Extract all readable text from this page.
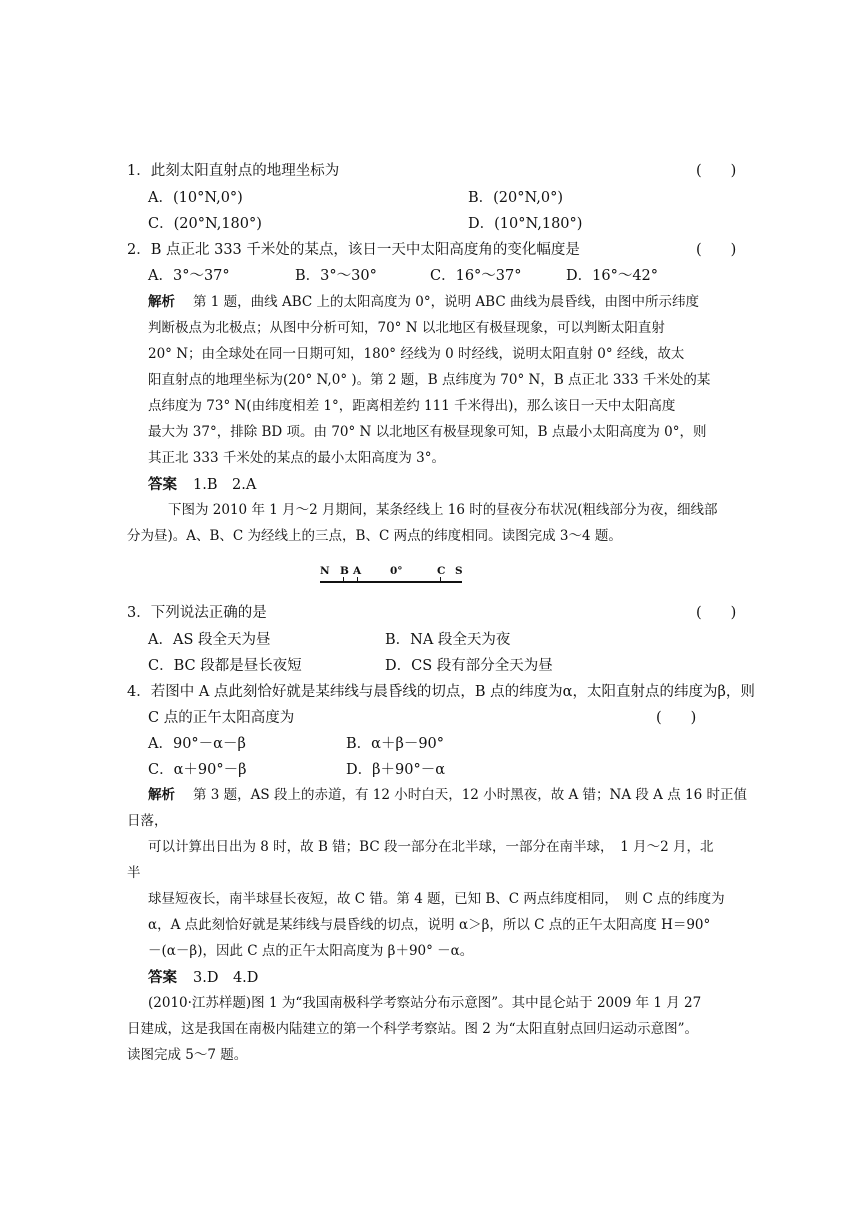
1．此刻太阳直射点的地理坐标为	(　　)
A．(10°N,0°)	B．(20°N,0°)
C．(20°N,180°)	D．(10°N,180°)
2．B 点正北 333 千米处的某点，该日一天中太阳高度角的变化幅度是	(　　)
A．3°～37°	B．3°～30°	C．16°～37°	D．16°～42°
解析 第 1 题，曲线 ABC 上的太阳高度为 0°，说明 ABC 曲线为晨昏线，由图中所示纬度
判断极点为北极点；从图中分析可知，70° N 以北地区有极昼现象，可以判断太阳直射
20° N；由全球处在同一日期可知，180° 经线为 0 时经线，说明太阳直射 0° 经线，故太
阳直射点的地理坐标为(20° N,0° )。第 2 题，B 点纬度为 70° N，B 点正北 333 千米处的某
点纬度为 73° N(由纬度相差 1°，距离相差约 111 千米得出)，那么该日一天中太阳高度
最大为 37°，排除 BD 项。由 70° N 以北地区有极昼现象可知，B 点最小太阳高度为 0°，则
其正北 333 千米处的某点的最小太阳高度为 3°。
答案 1.B　2.A
下图为 2010 年 1 月～2 月期间，某条经线上 16 时的昼夜分布状况(粗线部分为夜，细线部
分为昼)。A、B、C 为经线上的三点，B、C 两点的纬度相同。读图完成 3～4 题。
N B A	0°	C S
3．下列说法正确的是	(　　)
A．AS 段全天为昼	B．NA 段全天为夜
C．BC 段都是昼长夜短	D．CS 段有部分全天为昼
4．若图中 A 点此刻恰好就是某纬线与晨昏线的切点，B 点的纬度为α，太阳直射点的纬度为β，则
C 点的正午太阳高度为	(　　)
A．90°－α－β	B．α＋β－90°
C．α＋90°－β	D．β＋90°－α
解析 第 3 题，AS 段上的赤道，有 12 小时白天，12 小时黑夜，故 A 错；NA 段 A 点 16 时正值
日落，
可以计算出日出为 8 时，故 B 错；BC 段一部分在北半球，一部分在南半球，　1 月～2 月，北
半
球昼短夜长，南半球昼长夜短，故 C 错。第 4 题，已知 B、C 两点纬度相同，　则 C 点的纬度为
α，A 点此刻恰好就是某纬线与晨昏线的切点，说明 α＞β，所以 C 点的正午太阳高度 H＝90°
－(α－β)，因此 C 点的正午太阳高度为 β＋90° －α。
答案 3.D　4.D
(2010·江苏样题)图 1 为“我国南极科学考察站分布示意图”。其中昆仑站于 2009 年 1 月 27
日建成，这是我国在南极内陆建立的第一个科学考察站。图 2 为“太阳直射点回归运动示意图”。
读图完成 5～7 题。
